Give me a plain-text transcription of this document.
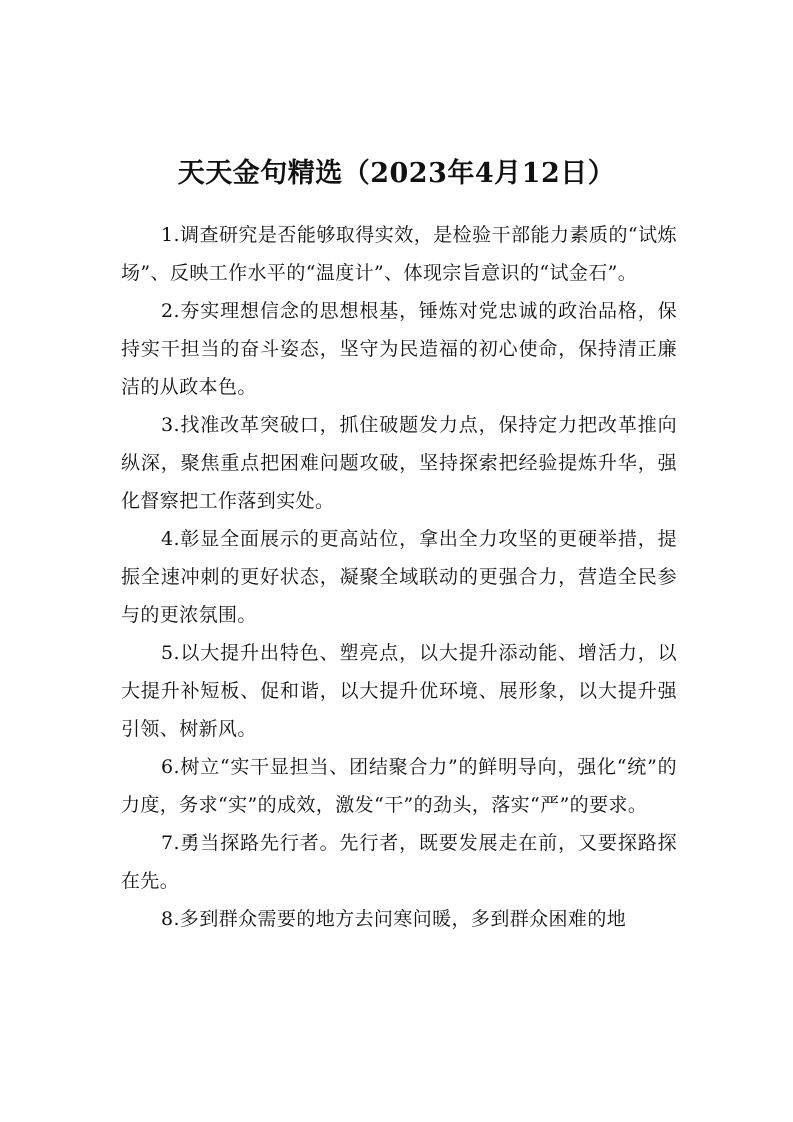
天天金句精选（2023年4月12日）

1.调查研究是否能够取得实效，是检验干部能力素质的“试炼场”、反映工作水平的“温度计”、体现宗旨意识的“试金石”。

2.夯实理想信念的思想根基，锤炼对党忠诚的政治品格，保持实干担当的奋斗姿态，坚守为民造福的初心使命，保持清正廉洁的从政本色。

3.找准改革突破口，抓住破题发力点，保持定力把改革推向纵深，聚焦重点把困难问题攻破，坚持探索把经验提炼升华，强化督察把工作落到实处。

4.彰显全面展示的更高站位，拿出全力攻坚的更硬举措，提振全速冲刺的更好状态，凝聚全域联动的更强合力，营造全民参与的更浓氛围。

5.以大提升出特色、塑亮点，以大提升添动能、增活力，以大提升补短板、促和谐，以大提升优环境、展形象，以大提升强引领、树新风。

6.树立“实干显担当、团结聚合力”的鲜明导向，强化“统”的力度，务求“实”的成效，激发“干”的劲头，落实“严”的要求。

7.勇当探路先行者。先行者，既要发展走在前，又要探路探在先。

8.多到群众需要的地方去问寒问暖，多到群众困难的地
